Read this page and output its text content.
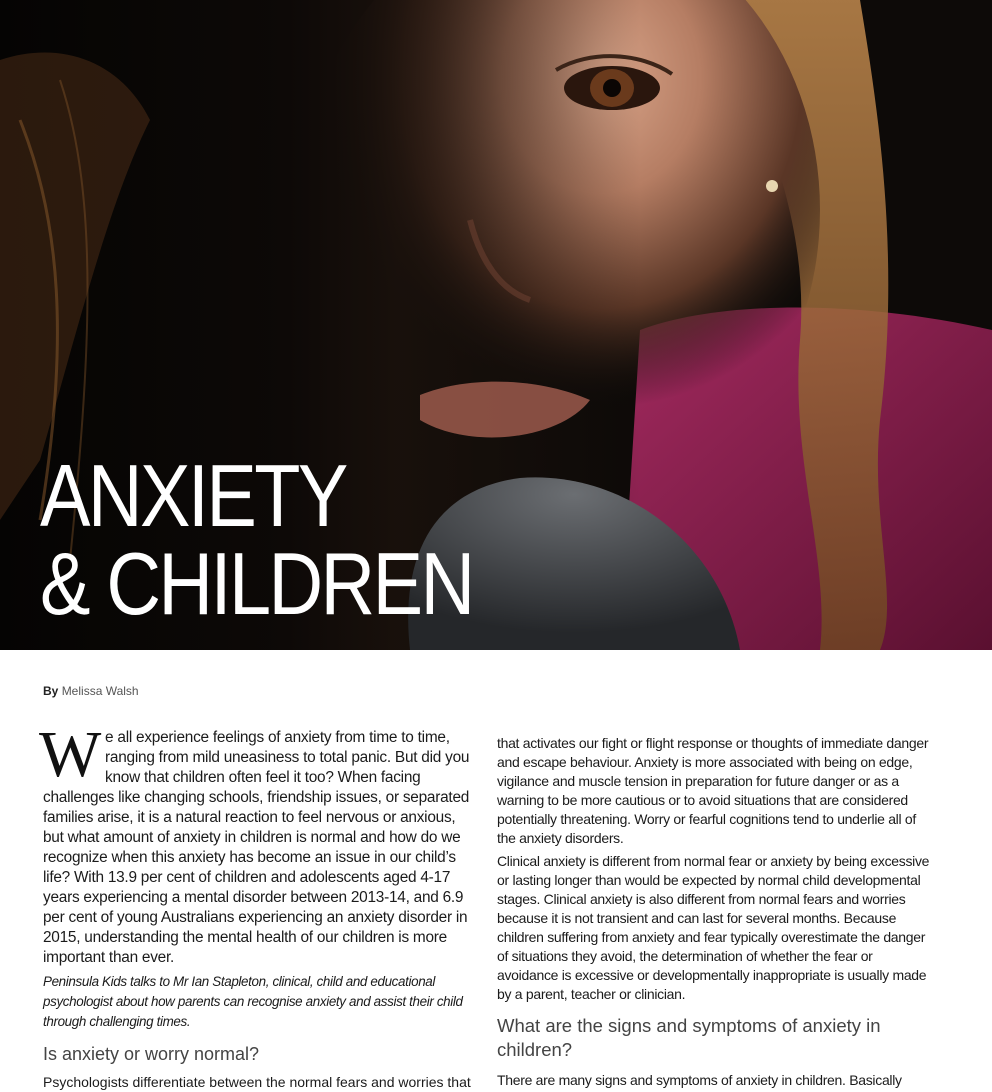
ANXIETY
& CHILDREN
By Melissa Walsh

W e all experience feelings of anxiety from time to time, ranging from mild uneasiness to total panic. But did you know that children often feel it too? When facing challenges like changing schools, friendship issues, or separated families arise, it is a natural reaction to feel nervous or anxious, but what amount of anxiety in children is normal and how do we recognize when this anxiety has become an issue in our child’s life? With 13.9 per cent of children and adolescents aged 4-17 years experiencing a mental disorder between 2013-14, and 6.9 per cent of young Australians experiencing an anxiety disorder in 2015, understanding the mental health of our children is more important than ever.

Peninsula Kids talks to Mr Ian Stapleton, clinical, child and educational psychologist about how parents can recognise anxiety and assist their child through challenging times.

Is anxiety or worry normal?

Psychologists differentiate between the normal fears and worries that

that activates our fight or flight response or thoughts of immediate danger and escape behaviour. Anxiety is more associated with being on edge, vigilance and muscle tension in preparation for future danger or as a warning to be more cautious or to avoid situations that are considered potentially threatening. Worry or fearful cognitions tend to underlie all of the anxiety disorders.

Clinical anxiety is different from normal fear or anxiety by being excessive or lasting longer than would be expected by normal child developmental stages. Clinical anxiety is also different from normal fears and worries because it is not transient and can last for several months. Because children suffering from anxiety and fear typically overestimate the danger of situations they avoid, the determination of whether the fear or avoidance is excessive or developmentally inappropriate is usually made by a parent, teacher or clinician.

What are the signs and symptoms of anxiety in children?

There are many signs and symptoms of anxiety in children. Basically
